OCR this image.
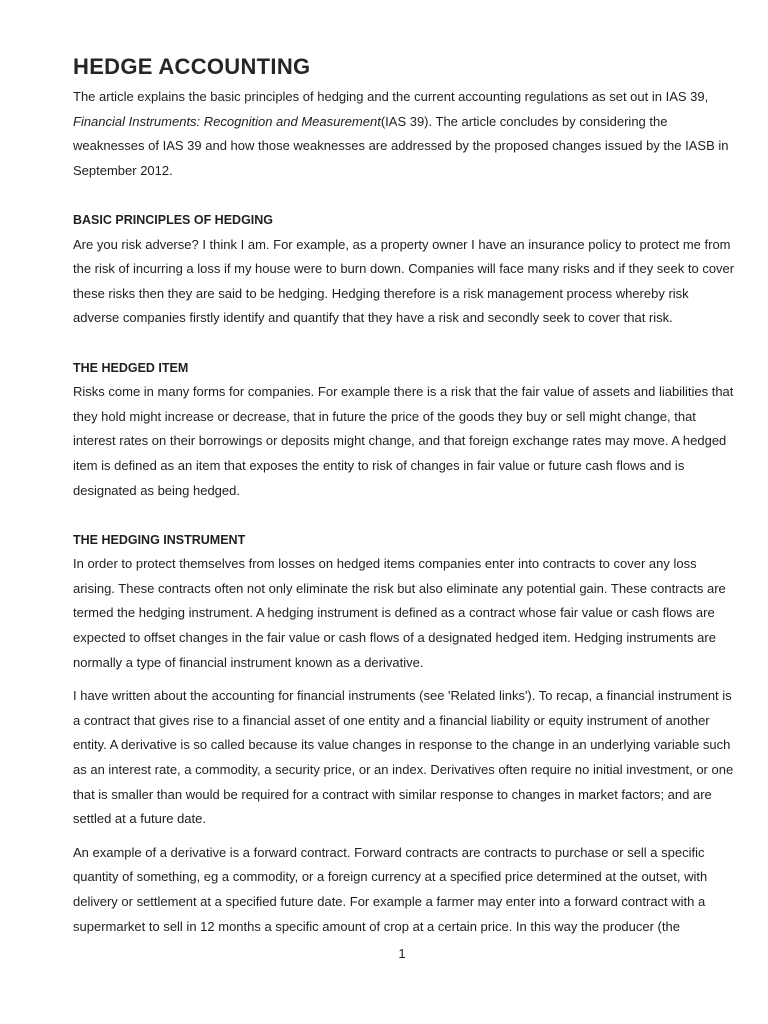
HEDGE ACCOUNTING

The article explains the basic principles of hedging and the current accounting regulations as set out in IAS 39, Financial Instruments: Recognition and Measurement(IAS 39). The article concludes by considering the weaknesses of IAS 39 and how those weaknesses are addressed by the proposed changes issued by the IASB in September 2012.

BASIC PRINCIPLES OF HEDGING

Are you risk adverse? I think I am. For example, as a property owner I have an insurance policy to protect me from the risk of incurring a loss if my house were to burn down. Companies will face many risks and if they seek to cover these risks then they are said to be hedging. Hedging therefore is a risk management process whereby risk adverse companies firstly identify and quantify that they have a risk and secondly seek to cover that risk.

THE HEDGED ITEM

Risks come in many forms for companies. For example there is a risk that the fair value of assets and liabilities that they hold might increase or decrease, that in future the price of the goods they buy or sell might change, that interest rates on their borrowings or deposits might change, and that foreign exchange rates may move. A hedged item is defined as an item that exposes the entity to risk of changes in fair value or future cash flows and is designated as being hedged.

THE HEDGING INSTRUMENT

In order to protect themselves from losses on hedged items companies enter into contracts to cover any loss arising. These contracts often not only eliminate the risk but also eliminate any potential gain. These contracts are termed the hedging instrument. A hedging instrument is defined as a contract whose fair value or cash flows are expected to offset changes in the fair value or cash flows of a designated hedged item. Hedging instruments are normally a type of financial instrument known as a derivative.

I have written about the accounting for financial instruments (see 'Related links'). To recap, a financial instrument is a contract that gives rise to a financial asset of one entity and a financial liability or equity instrument of another entity. A derivative is so called because its value changes in response to the change in an underlying variable such as an interest rate, a commodity, a security price, or an index. Derivatives often require no initial investment, or one that is smaller than would be required for a contract with similar response to changes in market factors; and are settled at a future date.

An example of a derivative is a forward contract. Forward contracts are contracts to purchase or sell a specific quantity of something, eg a commodity, or a foreign currency at a specified price determined at the outset, with delivery or settlement at a specified future date. For example a farmer may enter into a forward contract with a supermarket to sell in 12 months a specific amount of crop at a certain price. In this way the producer (the

1
